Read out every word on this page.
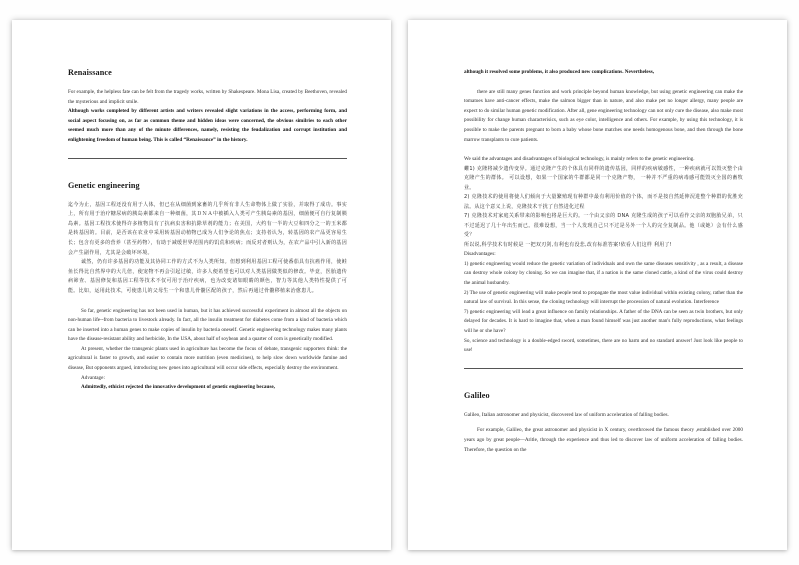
Renaissance

For example, the helpless fate can be felt from the tragedy works, written by Shakespeare. Mona Lisa, created by Beethoven, revealed the mysterious and implicit smile.

Although works completed by different artists and writers revealed slight variations in the access, performing form, and social aspect focusing on, as far as common theme and hidden ideas were concerned, the obvious similries to each other seemed much more than any of the minute differences, namely, resisting the feudalization and corrupt institution and enlightening freedom of human being. This is called “Renaissance” in the history.

Genetic engineering

迄今为止，基因工程还没有用于人体，但已在从细菌到家畜的几乎所有非人生命物体上做了实验，并取得了成功。事实上，所有用于治疗糖尿病的胰岛素都来自一种细菌，其ＤＮＡ中被插入人类可产生胰岛素的基因，细菌便可自行复制胰岛素。基因工程技术使得许多植物具有了抗病虫害和抗除草剂的能力；在美国，大约有一半的大豆和四分之一的玉米都是转基因的。目前，是否该在农业中采用转基因动植物已成为人们争论的焦点；支持者认为，转基因的农产品更容易生长；包含有更多的营养（甚至药物），有助于减缓世界范围内的饥荒和疾病；而反对者则认为，在农产品中引入新的基因会产生副作用，尤其是会破坏环境。

诚然，仍有许多基因的功能及其协同工作的方式不为人类所知。但想到利用基因工程可使番茄具有抗癌作用，使鲑鱼长得比自然界中的大几倍，使宠物不再会引起过敏，许多人便希望也可以对人类基因做类似的修改。毕竟，医胎遗传病筛查、基因修复和基因工程等技术不仅可用于治疗疾病，也为改变诸如眼睛的颜色，智力等其他人类特性提供了可能。比如，运用此技术，可使患儿的父母生一个和患儿骨髓区配的孩子，然后再通过骨髓移植来治愈患儿。

So far, genetic engineering has not been used in human, but it has achieved successful experiment in almost all the objects on non-human life--from bacteria to livestock already. In fact, all the insulin treatment for diabetes come from a kind of bacteria which can be inserted into a human genes to make copies of insulin by bacteria oneself. Genetic engineering technology makes many plants have the disease-resistant ability and herbicide, In the USA, about half of soybean and a quarter of corn is genetically modified.

At present, whether the transgenic plants used in agriculture has become the focus of debate, transgenic supporters think: the agricultural is faster to growth, and easier to contain more nutrition (even medicines), to help slow down worldwide famine and disease, But opponents argued, introducing new genes into agricultural will occur side effects, especially destroy the environment.

Advantage:

Admittedly, ethicist rejected the innovative development of genetic engineering because,

although it resolved some problems, it also produced new complications. Nevertheless,

there are still many genes function and work principle beyond human knowledge, but using genetic engineering can make the tomatoes have anti-cancer effects, make the salmon bigger than in nature, and also make pet no longer allergy, many people are expect to do similar human genetic modification. After all, gene engineering technology can not only cure the disease, also make most possibility for change human characterisics, such as eye color, intelligence and others. For example, by using this technology, it is possible to make the parents pregnant to born a baby whose bone matches one needs homogenous bone, and then through the bone marrow transplants to cure patients.

We said the advantages and disadvantages of biological technology, is mainly refers to the genetic engineering.

蠸1) 克隆将减少遗传变异。通过克隆产生的个体具有同样的遗传基因，同样的疾病敏感性，一种疾病就可以毁灭整个由克隆产生的群体。 可以设想，如果一个国家的牛群都是同一个克隆产物， 一种并不严重的病毒感可能毁灭全国的畜牧业。

2) 克隆技术的使用将使人们倾向于大量繁殖现有种群中最有利用价值的个体，而不是按自然延伸況进整个种群的优胜充法。从这个意义上说，克隆技术干扰了自然进化过程

7) 克隆技术对家庭关系带来的影响也将是巨大的。一个由父亲的 DNA 克隆生成的孩子可以看作父亲的双胞胎兄弟，只不过延迟了几十年出生而已。很难设想，当一个人发现自己只不过是另外一个人的完全复制品。他（或她）会有什么感受？

所以说,科学技术有时候是 一把双刃剑,有利也有没悲,改有标准答案!依看人们这样 利用了!

Disadvantages:

1) genetic engineering would reduce the genetic variation of individuals and own the same diseases sensitivity , as a result, a disease can destroy whole colony by cloning. So we can imagine that, if a nation is the same cloned cattle, a kind of the virus could destroy the animal husbandry.

2) The use of genetic engineering will make people tend to propagate the most value individual within existing colony, rather than the natural law of survival. In this sense, the cloning technology will interrupt the procession of natural evolution. Interference

7) genetic engineering will lead a great influence on family relationships. A father of the DNA can be seen as twin brothers, but only delayed for decades. It is hard to imagine that, when a man found himself was just another man's fully reproductions, what feelings will he or she have?

So, science and technology is a double-edged sword, sometimes, there are no harm and no standard answer! Just look like people to use!

Galileo

Galileo, Italian astronomer and physicist, discovered law of uniform acceleration of falling bodies.

For example, Galileo, the great astronomer and physicist in X century, overthrowed the famous theory ,established over 2000 years ago by great people—Aritle, through the experience and thus led to discover law of uniform acceleration of falling bodies. Therefore, the question on the
